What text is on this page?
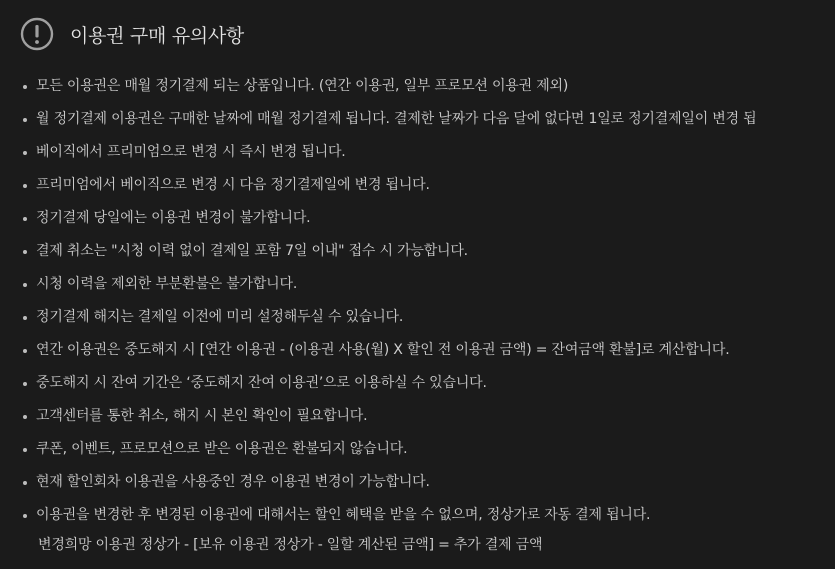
이용권 구매 유의사항
모든 이용권은 매월 정기결제 되는 상품입니다. (연간 이용권, 일부 프로모션 이용권 제외)
월 정기결제 이용권은 구매한 날짜에 매월 정기결제 됩니다. 결제한 날짜가 다음 달에 없다면 1일로 정기결제일이 변경 됩
베이직에서 프리미엄으로 변경 시 즉시 변경 됩니다.
프리미엄에서 베이직으로 변경 시 다음 정기결제일에 변경 됩니다.
정기결제 당일에는 이용권 변경이 불가합니다.
결제 취소는 "시청 이력 없이 결제일 포함 7일 이내" 접수 시 가능합니다.
시청 이력을 제외한 부분환불은 불가합니다.
정기결제 해지는 결제일 이전에 미리 설정해두실 수 있습니다.
연간 이용권은 중도해지 시 [연간 이용권 - (이용권 사용(월) X 할인 전 이용권 금액) = 잔여금액 환불]로 계산합니다.
중도해지 시 잔여 기간은 ‘중도해지 잔여 이용권’으로 이용하실 수 있습니다.
고객센터를 통한 취소, 해지 시 본인 확인이 필요합니다.
쿠폰, 이벤트, 프로모션으로 받은 이용권은 환불되지 않습니다.
현재 할인회차 이용권을 사용중인 경우 이용권 변경이 가능합니다.
이용권을 변경한 후 변경된 이용권에 대해서는 할인 혜택을 받을 수 없으며, 정상가로 자동 결제 됩니다.
변경희망 이용권 정상가 - [보유 이용권 정상가 - 일할 계산된 금액] = 추가 결제 금액
